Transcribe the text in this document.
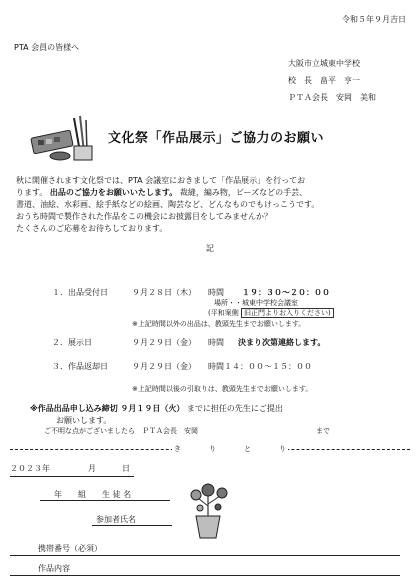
令和５年９月吉日
PTA 会員の皆様へ
大阪市立城東中学校
校　長　畠平　亨一
ＰＴＡ会長　安岡　美和
文化祭「作品展示」ご協力のお願い
秋に開催されます文化祭では、PTA 会議室におきまして「作品展示」を行ってお
ります。 出品のご協力をお願いいたします。 裁縫，編み物，ビーズなどの手芸、
書道、油絵、水彩画、絵手紙などの絵画、陶芸など、どんなものでもけっこうです。
おうち時間で製作された作品をこの機会にお披露目をしてみませんか？
たくさんのご応募をお待ちしております。
記
１．出品受付日	９月２８日（木） 時間 １９：３０～２０：００
場所・・城東中学校会議室
(平和案側 旧正門よりお入りください)
※上記時間以外の出品は、教頭先生までお願いします。
２．展示日	９月２９日（金） 時間 決まり次第連絡します。
３．作品返却日	９月２９日（金） 時間１４：００～１５：００
※上記時間以後の引取りは、教頭先生までお願いします。
※作品出品申し込み締切 ９月１９日（火） までに担任の先生にご提出
お願いします。
ご不明な点がございましたら　ＰＴＡ会長　安岡	まで
き　　　　り　　　　と　　　　り
２０２３年	月	日
年　　組　　生 徒 名
参加者氏名
携帯番号（必須）
作品内容
